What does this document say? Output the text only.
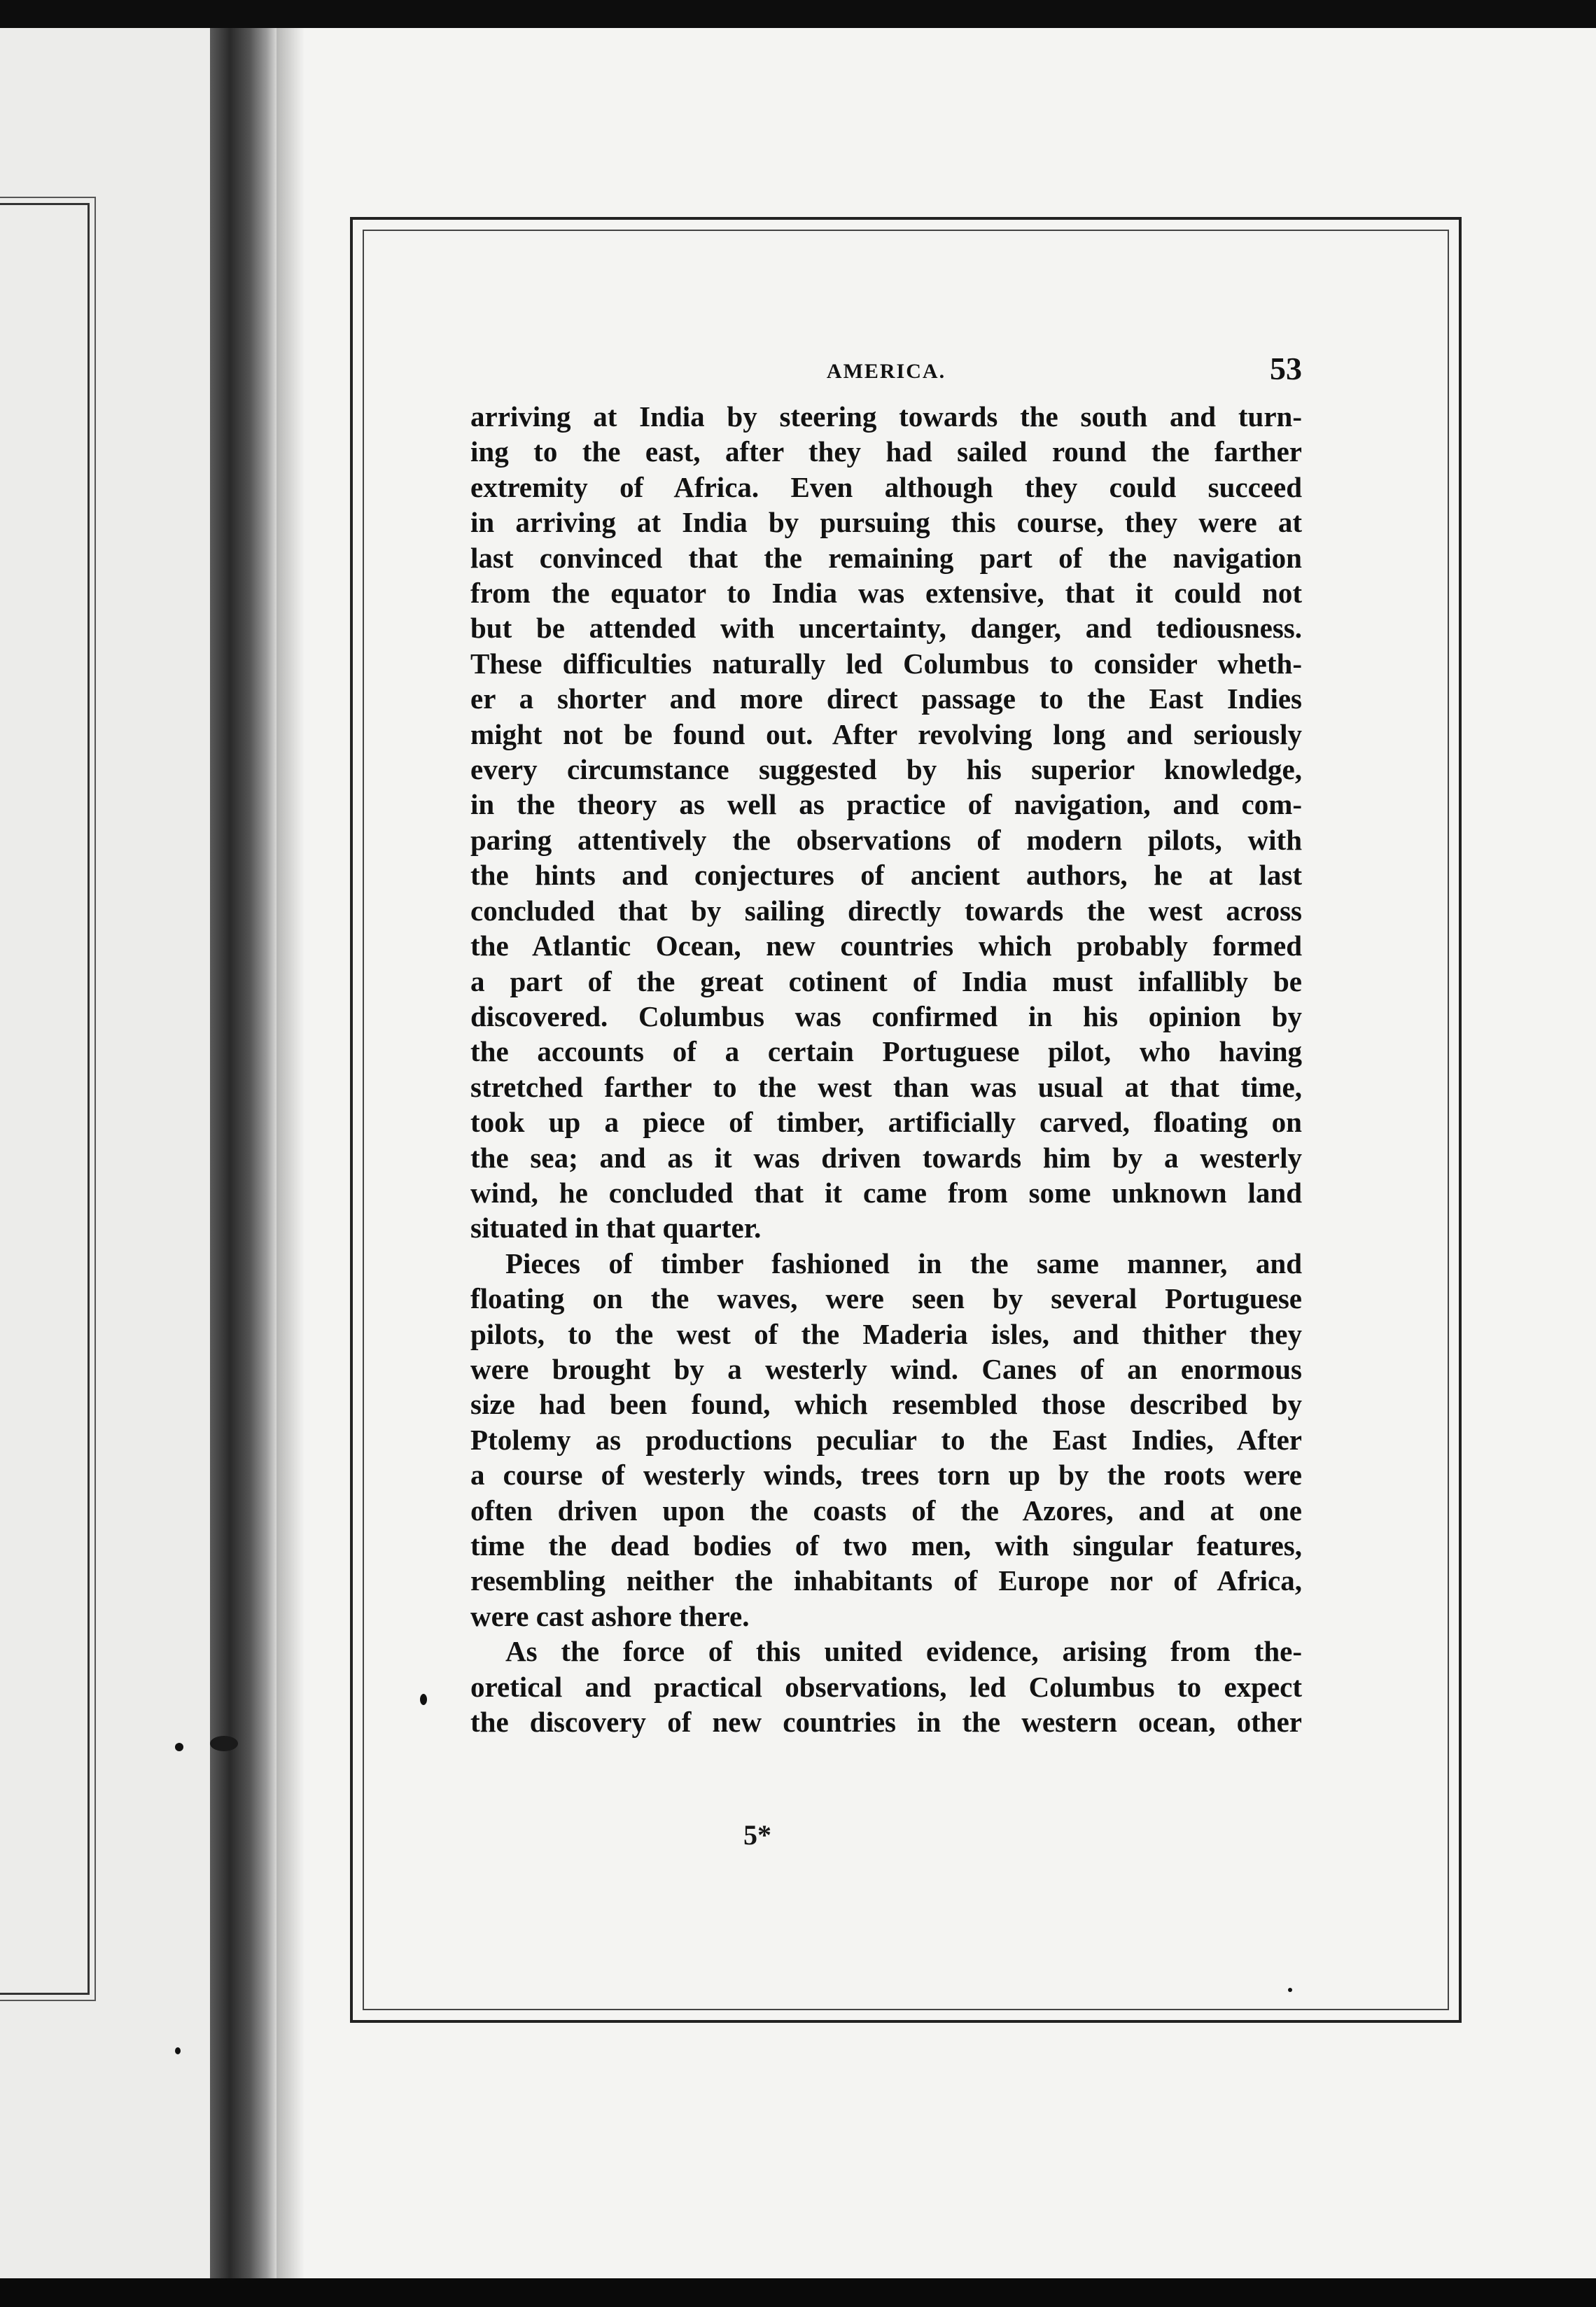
5*
AMERICA.	53
arriving at India by steering towards the south and turn-
ing to the east, after they had sailed round the farther
extremity of Africa. Even although they could succeed
in arriving at India by pursuing this course, they were at
last convinced that the remaining part of the navigation
from the equator to India was extensive, that it could not
but be attended with uncertainty, danger, and tediousness.
These difficulties naturally led Columbus to consider wheth-
er a shorter and more direct passage to the East Indies
might not be found out. After revolving long and seriously
every circumstance suggested by his superior knowledge,
in the theory as well as practice of navigation, and com-
paring attentively the observations of modern pilots, with
the hints and conjectures of ancient authors, he at last
concluded that by sailing directly towards the west across
the Atlantic Ocean, new countries which probably formed
a part of the great cotinent of India must infallibly be
discovered. Columbus was confirmed in his opinion by
the accounts of a certain Portuguese pilot, who having
stretched farther to the west than was usual at that time,
took up a piece of timber, artificially carved, floating on
the sea; and as it was driven towards him by a westerly
wind, he concluded that it came from some unknown land
situated in that quarter.
Pieces of timber fashioned in the same manner, and
floating on the waves, were seen by several Portuguese
pilots, to the west of the Maderia isles, and thither they
were brought by a westerly wind. Canes of an enormous
size had been found, which resembled those described by
Ptolemy as productions peculiar to the East Indies, After
a course of westerly winds, trees torn up by the roots were
often driven upon the coasts of the Azores, and at one
time the dead bodies of two men, with singular features,
resembling neither the inhabitants of Europe nor of Africa,
were cast ashore there.
As the force of this united evidence, arising from the-
oretical and practical observations, led Columbus to expect
the discovery of new countries in the western ocean, other
